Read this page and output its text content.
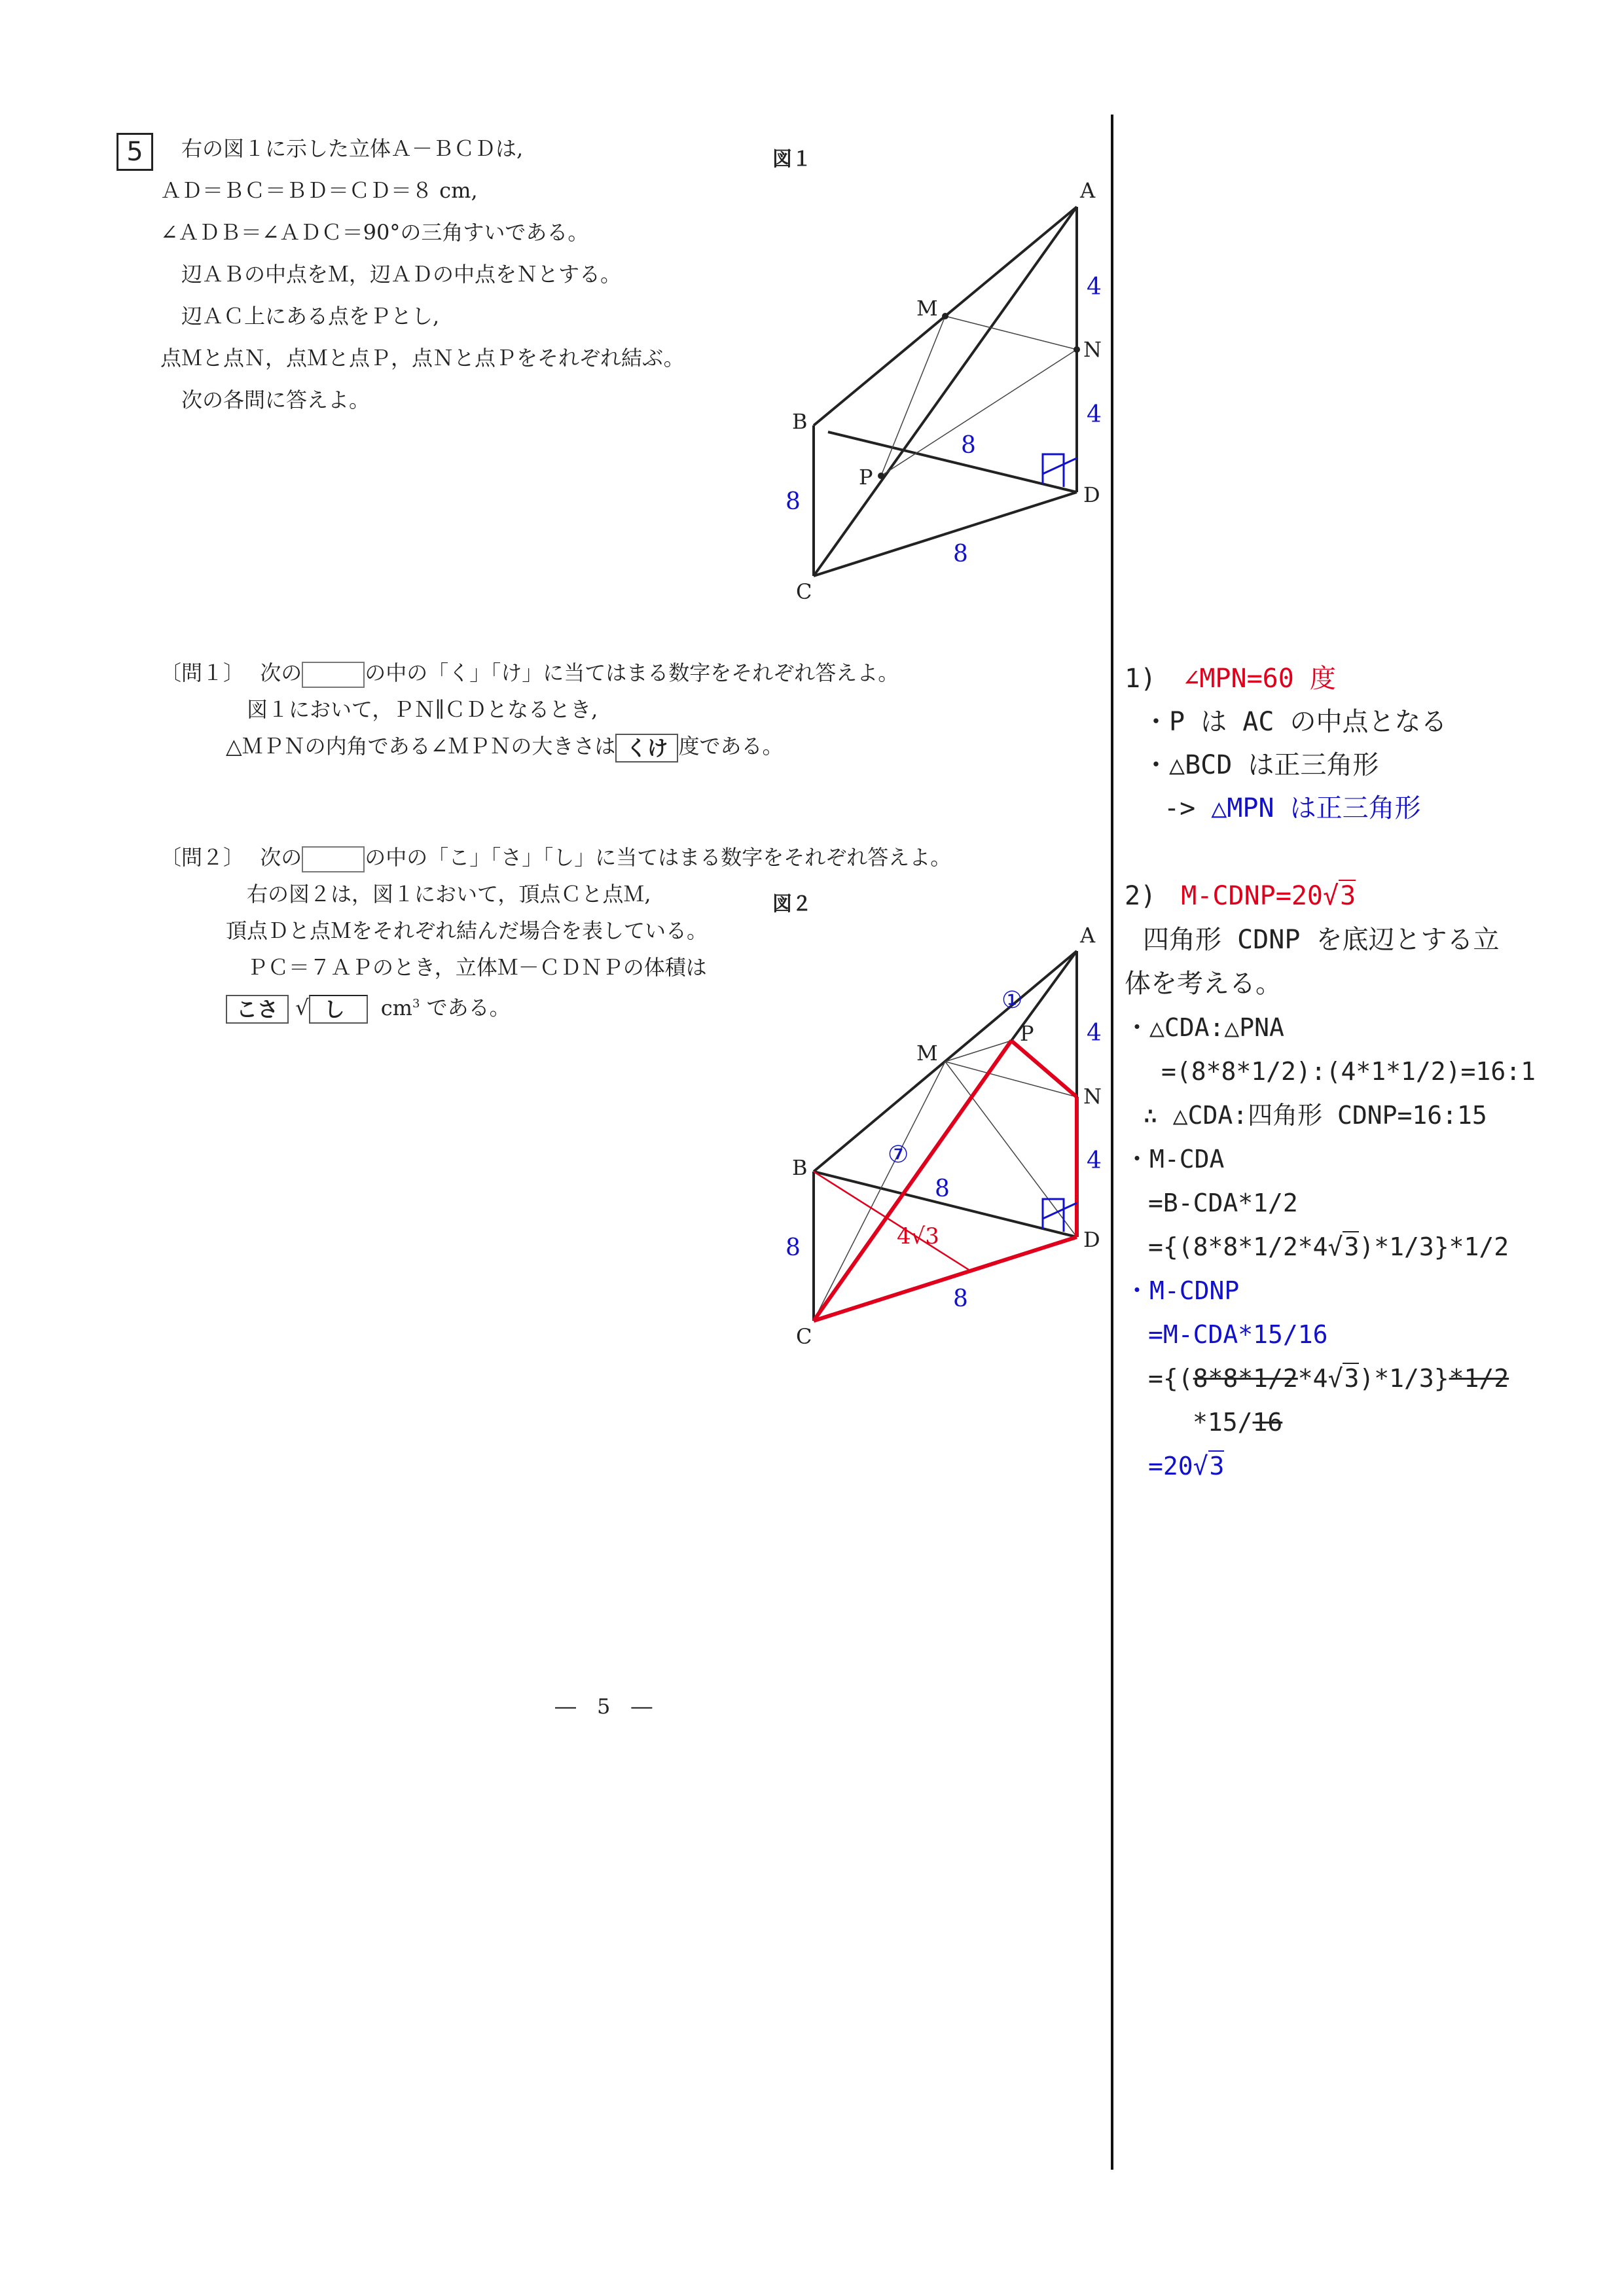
5	右の図１に示した立体Ａ－ＢＣＤは,
ＡＤ＝ＢＣ＝ＢＤ＝ＣＤ＝８ cm,
∠ＡＤＢ＝∠ＡＤＣ＝90°の三角すいである。
辺ＡＢの中点をＭ，辺ＡＤの中点をＮとする。
辺ＡＣ上にある点をＰとし,
点Ｍと点Ｎ，点Ｍと点Ｐ，点Ｎと点Ｐをそれぞれ結ぶ。
次の各問に答えよ。
図１
図２
〔問１〕 次の	の中の「く」「け」に当てはまる数字をそれぞれ答えよ。
図１において，ＰＮ∥ＣＤとなるとき,
△ＭＰＮの内角である∠ＭＰＮの大きさは くけ 度である。
〔問２〕 次の	の中の「こ」「さ」「し」に当てはまる数字をそれぞれ答えよ。
右の図２は，図１において，頂点Ｃと点Ｍ,
頂点Ｄと点Ｍをそれぞれ結んだ場合を表している。
ＰＣ＝７ＡＰのとき，立体Ｍ－ＣＤＮＰの体積は
こさ √ し $cm^3$ である。
―　5　―
A
B
C
D
M
N
P
4
4
8
8
8
A
B
C
D
M
N
P
①
⑦
4
4
8
8
8
4√3
1) ∠MPN=60 度
・P は AC の中点となる
・△BCD は正三角形
-> △MPN は正三角形
2) M-CDNP=20√3
四角形 CDNP を底辺とする立
体を考える。
・△CDA:△PNA
=(8*8*1/2):(4*1*1/2)=16:1
∴ △CDA:四角形 CDNP=16:15
・M-CDA
=B-CDA*1/2
={(8*8*1/2*4√3)*1/3}*1/2
・M-CDNP
=M-CDA*15/16
={(8*8*1/2*4√3)*1/3}*1/2
*15/16
=20√3
